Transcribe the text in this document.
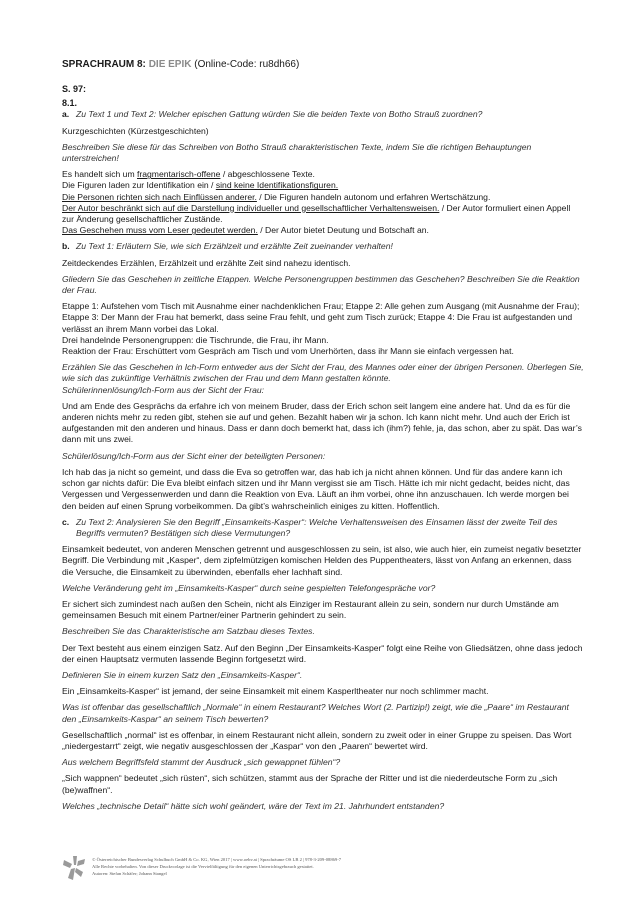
SPRACHRAUM 8: DIE EPIK (Online-Code: ru8dh66)
S. 97:
8.1.
a. Zu Text 1 und Text 2: Welcher epischen Gattung würden Sie die beiden Texte von Botho Strauß zuordnen?
Kurzgeschichten (Kürzestgeschichten)
Beschreiben Sie diese für das Schreiben von Botho Strauß charakteristischen Texte, indem Sie die richtigen Behauptungen unterstreichen!
Es handelt sich um fragmentarisch-offene / abgeschlossene Texte.
Die Figuren laden zur Identifikation ein / sind keine Identifikationsfiguren.
Die Personen richten sich nach Einflüssen anderer. / Die Figuren handeln autonom und erfahren Wertschätzung.
Der Autor beschränkt sich auf die Darstellung individueller und gesellschaftlicher Verhaltensweisen. / Der Autor formuliert einen Appell zur Änderung gesellschaftlicher Zustände.
Das Geschehen muss vom Leser gedeutet werden. / Der Autor bietet Deutung und Botschaft an.
b. Zu Text 1: Erläutern Sie, wie sich Erzählzeit und erzählte Zeit zueinander verhalten!
Zeitdeckendes Erzählen, Erzählzeit und erzählte Zeit sind nahezu identisch.
Gliedern Sie das Geschehen in zeitliche Etappen. Welche Personengruppen bestimmen das Geschehen? Beschreiben Sie die Reaktion der Frau.
Etappe 1: Aufstehen vom Tisch mit Ausnahme einer nachdenklichen Frau; Etappe 2: Alle gehen zum Ausgang (mit Ausnahme der Frau); Etappe 3: Der Mann der Frau hat bemerkt, dass seine Frau fehlt, und geht zum Tisch zurück; Etappe 4: Die Frau ist aufgestanden und verlässt an ihrem Mann vorbei das Lokal.
Drei handelnde Personengruppen: die Tischrunde, die Frau, ihr Mann.
Reaktion der Frau: Erschüttert vom Gespräch am Tisch und vom Unerhörten, dass ihr Mann sie einfach vergessen hat.
Erzählen Sie das Geschehen in Ich-Form entweder aus der Sicht der Frau, des Mannes oder einer der übrigen Personen. Überlegen Sie, wie sich das zukünftige Verhältnis zwischen der Frau und dem Mann gestalten könnte.
Schülerinnenlösung/Ich-Form aus der Sicht der Frau:
Und am Ende des Gesprächs da erfahre ich von meinem Bruder, dass der Erich schon seit langem eine andere hat. Und da es für die anderen nichts mehr zu reden gibt, stehen sie auf und gehen. Bezahlt haben wir ja schon. Ich kann nicht mehr. Und auch der Erich ist aufgestanden mit den anderen und hinaus. Dass er dann doch bemerkt hat, dass ich (ihm?) fehle, ja, das schon, aber zu spät. Das war’s dann mit uns zwei.
Schülerlösung/Ich-Form aus der Sicht einer der beteiligten Personen:
Ich hab das ja nicht so gemeint, und dass die Eva so getroffen war, das hab ich ja nicht ahnen können. Und für das andere kann ich schon gar nichts dafür: Die Eva bleibt einfach sitzen und ihr Mann vergisst sie am Tisch. Hätte ich mir nicht gedacht, beides nicht, das Vergessen und Vergessenwerden und dann die Reaktion von Eva. Läuft an ihm vorbei, ohne ihn anzuschauen. Ich werde morgen bei den beiden auf einen Sprung vorbeikommen. Da gibt’s wahrscheinlich einiges zu kitten. Hoffentlich.
c. Zu Text 2: Analysieren Sie den Begriff „Einsamkeits-Kasper“: Welche Verhaltensweisen des Einsamen lässt der zweite Teil des Begriffs vermuten? Bestätigen sich diese Vermutungen?
Einsamkeit bedeutet, von anderen Menschen getrennt und ausgeschlossen zu sein, ist also, wie auch hier, ein zumeist negativ besetzter Begriff. Die Verbindung mit „Kasper“, dem zipfelmützigen komischen Helden des Puppentheaters, lässt von Anfang an erkennen, dass die Versuche, die Einsamkeit zu überwinden, ebenfalls eher lachhaft sind.
Welche Veränderung geht im „Einsamkeits-Kasper“ durch seine gespielten Telefongespräche vor?
Er sichert sich zumindest nach außen den Schein, nicht als Einziger im Restaurant allein zu sein, sondern nur durch Umstände am gemeinsamen Besuch mit einem Partner/einer Partnerin gehindert zu sein.
Beschreiben Sie das Charakteristische am Satzbau dieses Textes.
Der Text besteht aus einem einzigen Satz. Auf den Beginn „Der Einsamkeits-Kasper“ folgt eine Reihe von Gliedsätzen, ohne dass jedoch der einen Hauptsatz vermuten lassende Beginn fortgesetzt wird.
Definieren Sie in einem kurzen Satz den „Einsamkeits-Kasper“.
Ein „Einsamkeits-Kasper“ ist jemand, der seine Einsamkeit mit einem Kasperltheater nur noch schlimmer macht.
Was ist offenbar das gesellschaftlich „Normale“ in einem Restaurant? Welches Wort (2. Partizip!) zeigt, wie die „Paare“ im Restaurant den „Einsamkeits-Kaspar“ an seinem Tisch bewerten?
Gesellschaftlich „normal“ ist es offenbar, in einem Restaurant nicht allein, sondern zu zweit oder in einer Gruppe zu speisen. Das Wort „niedergestarrt“ zeigt, wie negativ ausgeschlossen der „Kaspar“ von den „Paaren“ bewertet wird.
Aus welchem Begriffsfeld stammt der Ausdruck „sich gewappnet fühlen“?
„Sich wappnen“ bedeutet „sich rüsten“, sich schützen, stammt aus der Sprache der Ritter und ist die niederdeutsche Form zu „sich (be)waffnen“.
Welches „technische Detail“ hätte sich wohl geändert, wäre der Text im 21. Jahrhundert entstanden?
© Österreichischer Bundesverlag Schulbuch GmbH & Co. KG, Wien 2017 | www.oebv.at | Sprachräume OS LB 2 | 978-3-209-08869-7
Alle Rechte vorbehalten. Von dieser Druckvorlage ist die Vervielfältigung für den eigenen Unterrichtsgebrauch gestattet.
Autoren: Stefan Schäfer; Johann Stangel
